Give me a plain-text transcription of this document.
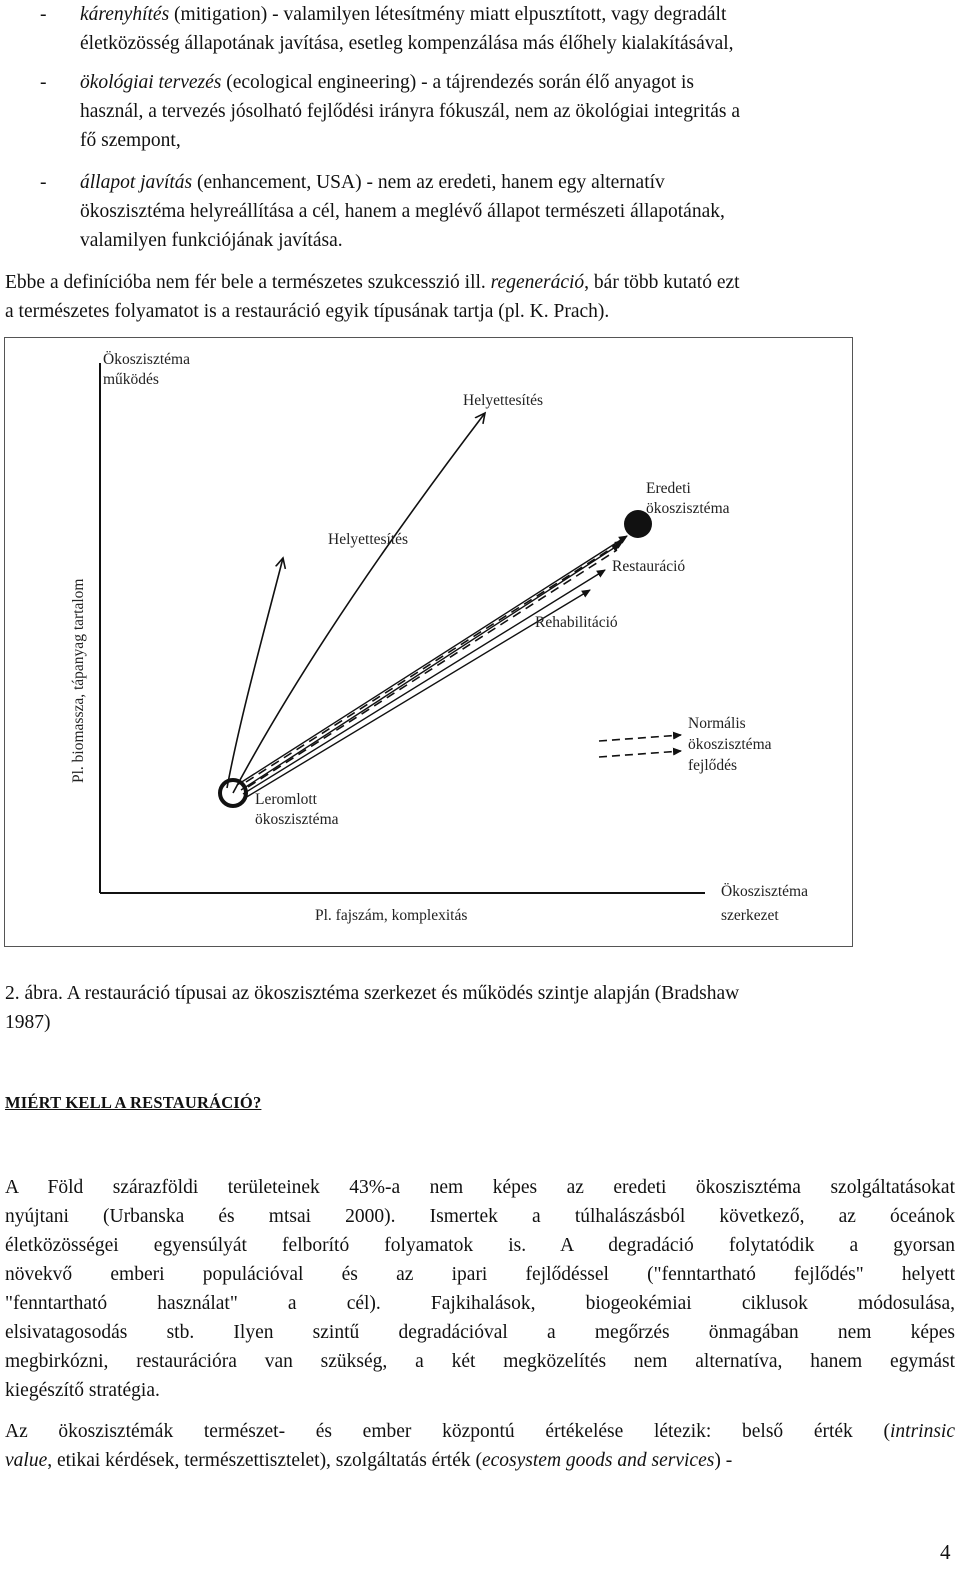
-	kárenyhítés (mitigation) - valamilyen létesítmény miatt elpusztított, vagy degradált
életközösség állapotának javítása, esetleg kompenzálása más élőhely kialakításával,
-	ökológiai tervezés (ecological engineering) - a tájrendezés során élő anyagot is
használ, a tervezés jósolható fejlődési irányra fókuszál, nem az ökológiai integritás a
fő szempont,
-	állapot javítás (enhancement, USA) - nem az eredeti, hanem egy alternatív
ökoszisztéma helyreállítása a cél, hanem a meglévő állapot természeti állapotának,
valamilyen funkciójának javítása.
Ebbe a definícióba nem fér bele a természetes szukcesszió ill. regeneráció, bár több kutató ezt
a természetes folyamatot is a restauráció egyik típusának tartja (pl. K. Prach).
Ökoszisztéma
működés
Pl. biomassza, tápanyag tartalom
Pl. fajszám, komplexitás
Ökoszisztéma
szerkezet
Helyettesítés
Helyettesítés
Eredeti
ökoszisztéma
Restauráció
Rehabilitáció
Normális
ökoszisztéma
fejlődés
Leromlott
ökoszisztéma
2. ábra. A restauráció típusai az ökoszisztéma szerkezet és működés szintje alapján (Bradshaw
1987)
MIÉRT KELL A RESTAURÁCIÓ?
A Föld szárazföldi területeinek 43%-a nem képes az eredeti ökoszisztéma szolgáltatásokat
nyújtani (Urbanska és mtsai 2000). Ismertek a túlhalászásból következő, az óceánok
életközösségei egyensúlyát felborító folyamatok is. A degradáció folytatódik a gyorsan
növekvő emberi populációval és az ipari fejlődéssel ("fenntartható fejlődés" helyett
"fenntartható használat" a cél). Fajkihalások, biogeokémiai ciklusok módosulása,
elsivatagosodás stb. Ilyen szintű degradációval a megőrzés önmagában nem képes
megbirkózni, restaurációra van szükség, a két megközelítés nem alternatíva, hanem egymást
kiegészítő stratégia.
Az ökoszisztémák természet- és ember központú értékelése létezik: belső érték (intrinsic
value, etikai kérdések, természettisztelet), szolgáltatás érték (ecosystem goods and services) -
4
